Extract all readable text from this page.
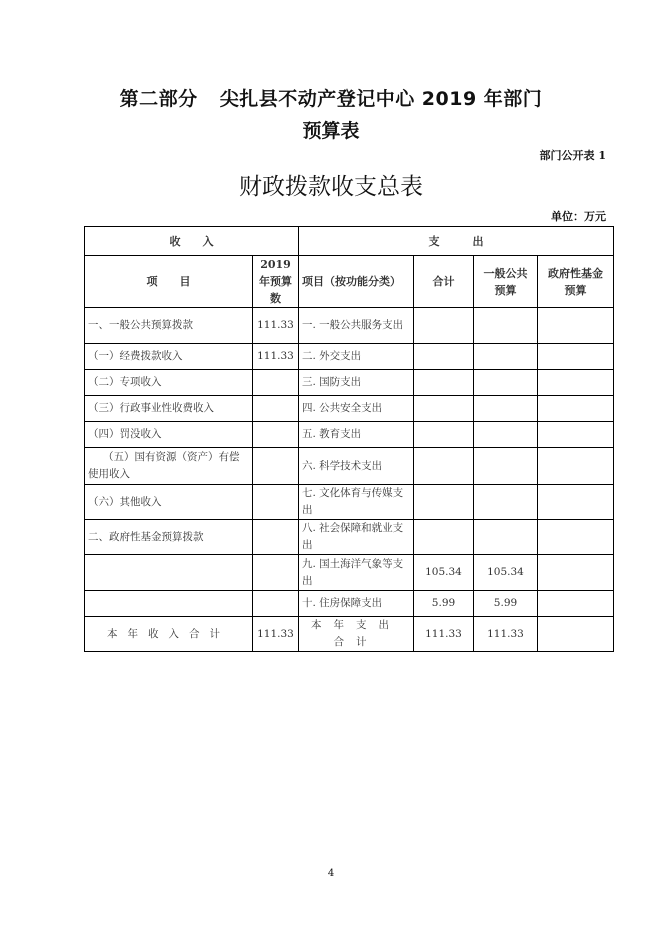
第二部分 尖扎县不动产登记中心 2019 年部门
预算表
部门公开表 1
财政拨款收支总表
单位：万元
收　　入		支　　　出			
项　　目	2019年预算数	项目（按功能分类）	合计	一般公共预算	政府性基金预算
一、一般公共预算拨款	111.33	一. 一般公共服务支出			
（一）经费拨款收入	111.33	二. 外交支出			
（二）专项收入		三. 国防支出			
（三）行政事业性收费收入		四. 公共安全支出			
（四）罚没收入		五. 教育支出			
（五）国有资源（资产）有偿使用收入		六. 科学技术支出			
（六）其他收入		七. 文化体育与传媒支出			
二、政府性基金预算拨款		八. 社会保障和就业支出			
		九. 国土海洋气象等支出	105.34	105.34	
		十. 住房保障支出	5.99	5.99	
本年收入合计	111.33	本年支出合计	111.33	111.33	
4
